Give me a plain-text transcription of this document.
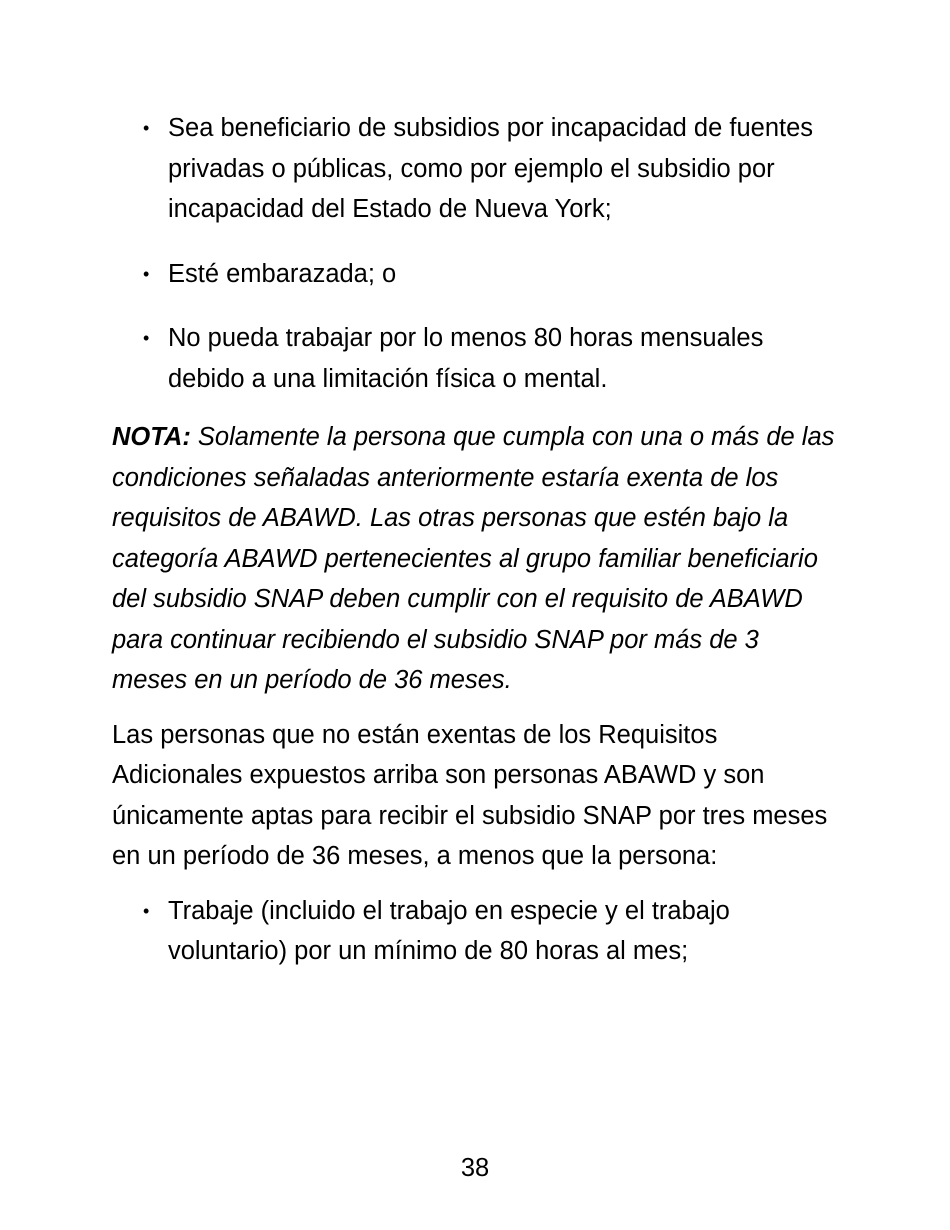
• Sea beneficiario de subsidios por incapacidad de fuentes privadas o públicas, como por ejemplo el subsidio por incapacidad del Estado de Nueva York;
• Esté embarazada; o
• No pueda trabajar por lo menos 80 horas mensuales debido a una limitación física o mental.

NOTA: Solamente la persona que cumpla con una o más de las condiciones señaladas anteriormente estaría exenta de los requisitos de ABAWD. Las otras personas que estén bajo la categoría ABAWD pertenecientes al grupo familiar beneficiario del subsidio SNAP deben cumplir con el requisito de ABAWD para continuar recibiendo el subsidio SNAP por más de 3 meses en un período de 36 meses.

Las personas que no están exentas de los Requisitos Adicionales expuestos arriba son personas ABAWD y son únicamente aptas para recibir el subsidio SNAP por tres meses en un período de 36 meses, a menos que la persona:

• Trabaje (incluido el trabajo en especie y el trabajo voluntario) por un mínimo de 80 horas al mes;
38
